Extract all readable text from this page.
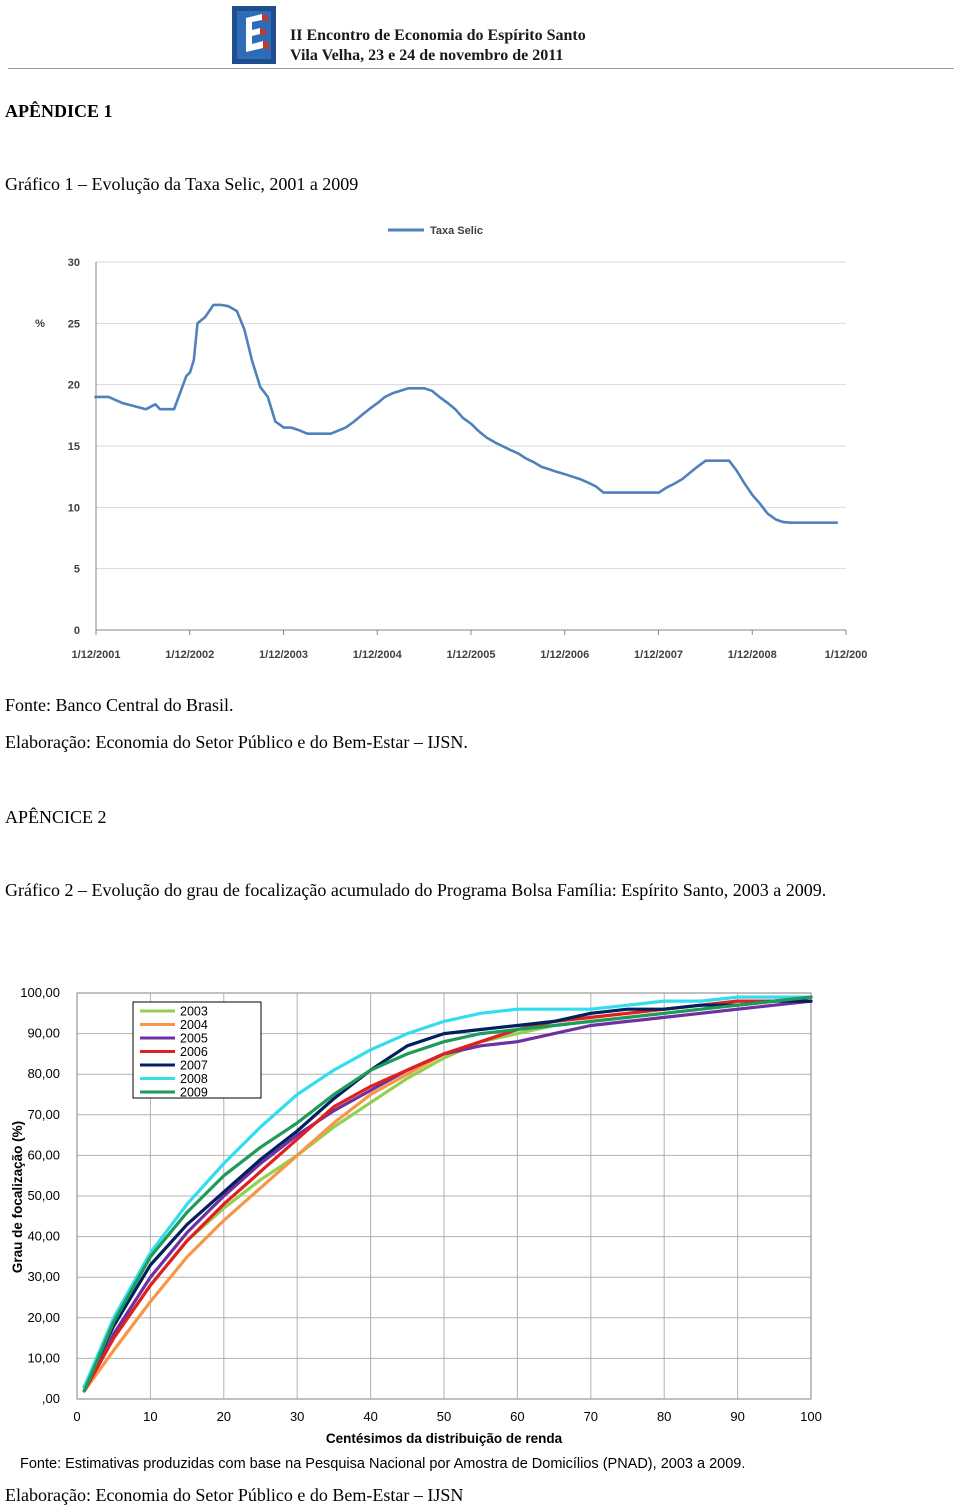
II Encontro de Economia do Espírito Santo
Vila Velha, 23 e 24 de novembro de 2011
APÊNDICE 1
Gráfico 1 – Evolução da Taxa Selic, 2001 a 2009
0
5
10
15
20
25
30
%
1/12/2001	1/12/2002	1/12/2003	1/12/2004	1/12/2005	1/12/2006	1/12/2007	1/12/2008	1/12/200
Taxa Selic
Fonte: Banco Central do Brasil.
Elaboração: Economia do Setor Público e do Bem-Estar – IJSN.
APÊNCICE 2
Gráfico 2 – Evolução do grau de focalização acumulado do Programa Bolsa Família: Espírito Santo, 2003 a 2009.
0	10	20	30	40	50	60	70	80	90	100
,00
10,00
20,00
30,00
40,00
50,00
60,00
70,00
80,00
90,00
100,00
Centésimos da distribuição de renda
Grau de focalização (%)
2003
2004
2005
2006
2007
2008
2009
Fonte: Estimativas produzidas com base na Pesquisa Nacional por Amostra de Domicílios (PNAD), 2003 a 2009.
Elaboração: Economia do Setor Público e do Bem-Estar – IJSN
